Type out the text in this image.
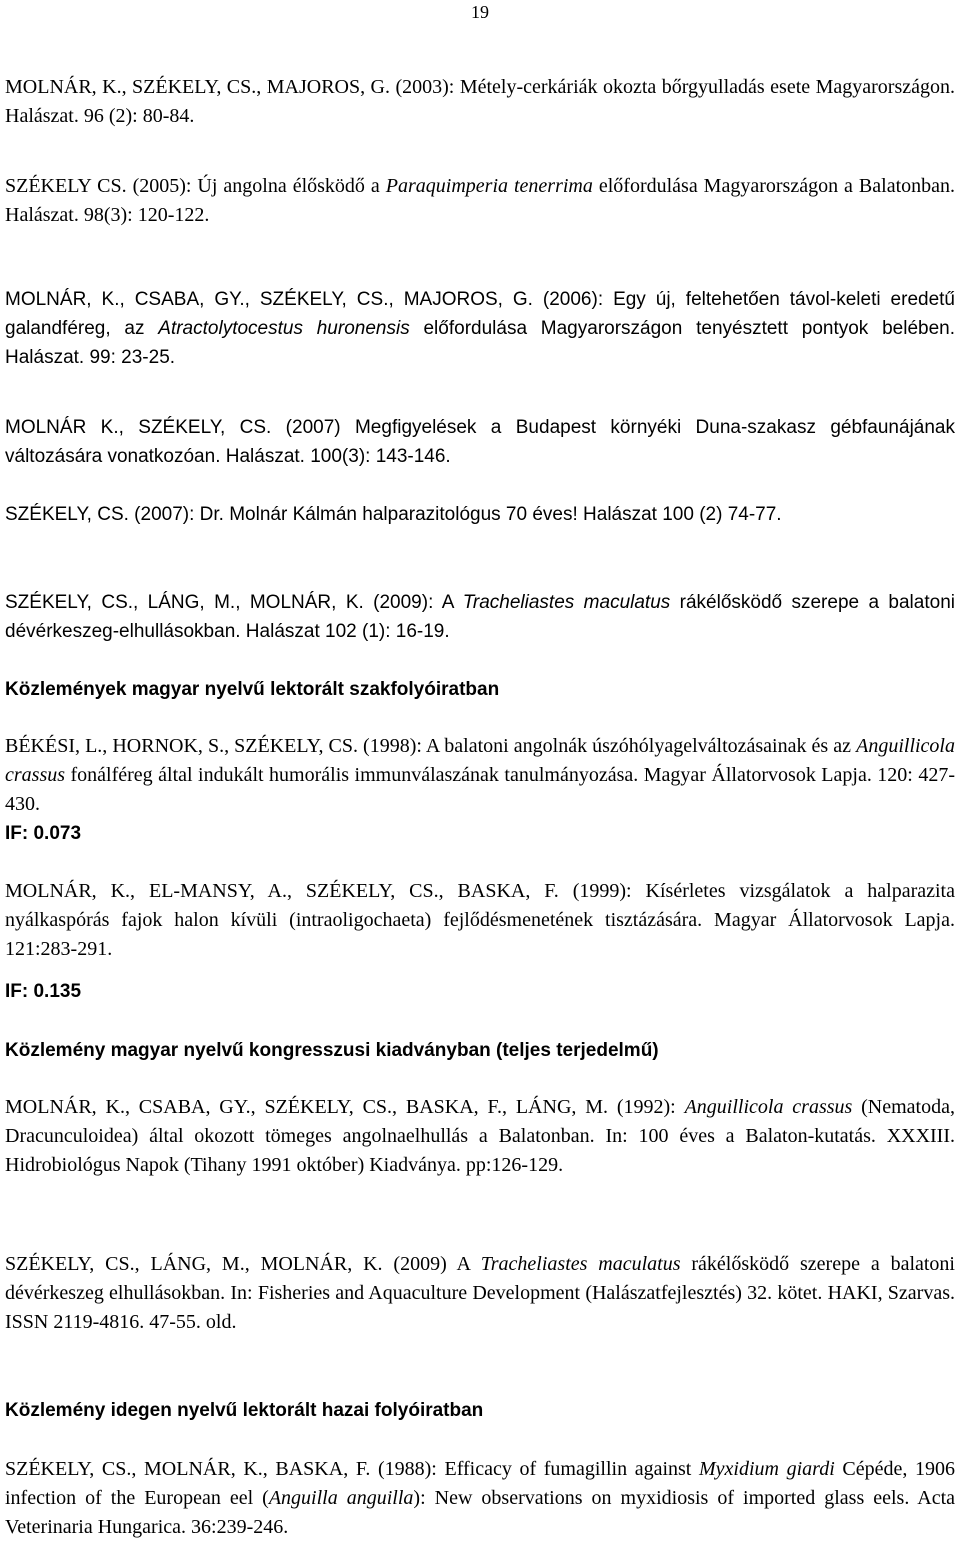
19
MOLNÁR, K., SZÉKELY, CS., MAJOROS, G. (2003): Métely-cerkáriák okozta bőrgyulladás esete Magyarországon. Halászat. 96 (2): 80-84.
SZÉKELY CS. (2005): Új angolna élősködő a Paraquimperia tenerrima előfordulása Magyarországon a Balatonban. Halászat. 98(3): 120-122.
MOLNÁR, K., CSABA, GY., SZÉKELY, CS., MAJOROS, G. (2006): Egy új, feltehetően távol-keleti eredetű galandféreg, az Atractolytocestus huronensis előfordulása Magyarországon tenyésztett pontyok belében. Halászat. 99: 23-25.
MOLNÁR K., SZÉKELY, CS. (2007) Megfigyelések a Budapest környéki Duna-szakasz gébfaunájának változására vonatkozóan. Halászat. 100(3): 143-146.
SZÉKELY, CS. (2007): Dr. Molnár Kálmán halparazitológus 70 éves! Halászat 100 (2) 74-77.
SZÉKELY, CS., LÁNG, M., MOLNÁR, K. (2009): A Tracheliastes maculatus rákélősködő szerepe a balatoni dévérkeszeg-elhullásokban. Halászat 102 (1): 16-19.
Közlemények magyar nyelvű lektorált szakfolyóiratban
BÉKÉSI, L., HORNOK, S., SZÉKELY, CS. (1998): A balatoni angolnák úszóhólyagelváltozásainak és az Anguillicola crassus fonálféreg által indukált humorális immunválaszának tanulmányozása. Magyar Állatorvosok Lapja. 120: 427-430.
IF: 0.073
MOLNÁR, K., EL-MANSY, A., SZÉKELY, CS., BASKA, F. (1999): Kísérletes vizsgálatok a halparazita nyálkaspórás fajok halon kívüli (intraoligochaeta) fejlődésmenetének tisztázására. Magyar Állatorvosok Lapja. 121:283-291.
IF: 0.135
Közlemény magyar nyelvű kongresszusi kiadványban (teljes terjedelmű)
MOLNÁR, K., CSABA, GY., SZÉKELY, CS., BASKA, F., LÁNG, M. (1992): Anguillicola crassus (Nematoda, Dracunculoidea) által okozott tömeges angolnaelhullás a Balatonban. In: 100 éves a Balaton-kutatás. XXXIII. Hidrobiológus Napok (Tihany 1991 október) Kiadványa. pp:126-129.
SZÉKELY, CS., LÁNG, M., MOLNÁR, K. (2009) A Tracheliastes maculatus rákélősködő szerepe a balatoni dévérkeszeg elhullásokban. In: Fisheries and Aquaculture Development (Halászatfejlesztés) 32. kötet. HAKI, Szarvas. ISSN 2119-4816. 47-55. old.
Közlemény idegen nyelvű lektorált hazai folyóiratban
SZÉKELY, CS., MOLNÁR, K., BASKA, F. (1988): Efficacy of fumagillin against Myxidium giardi Cépéde, 1906 infection of the European eel (Anguilla anguilla): New observations on myxidiosis of imported glass eels. Acta Veterinaria Hungarica. 36:239-246.
